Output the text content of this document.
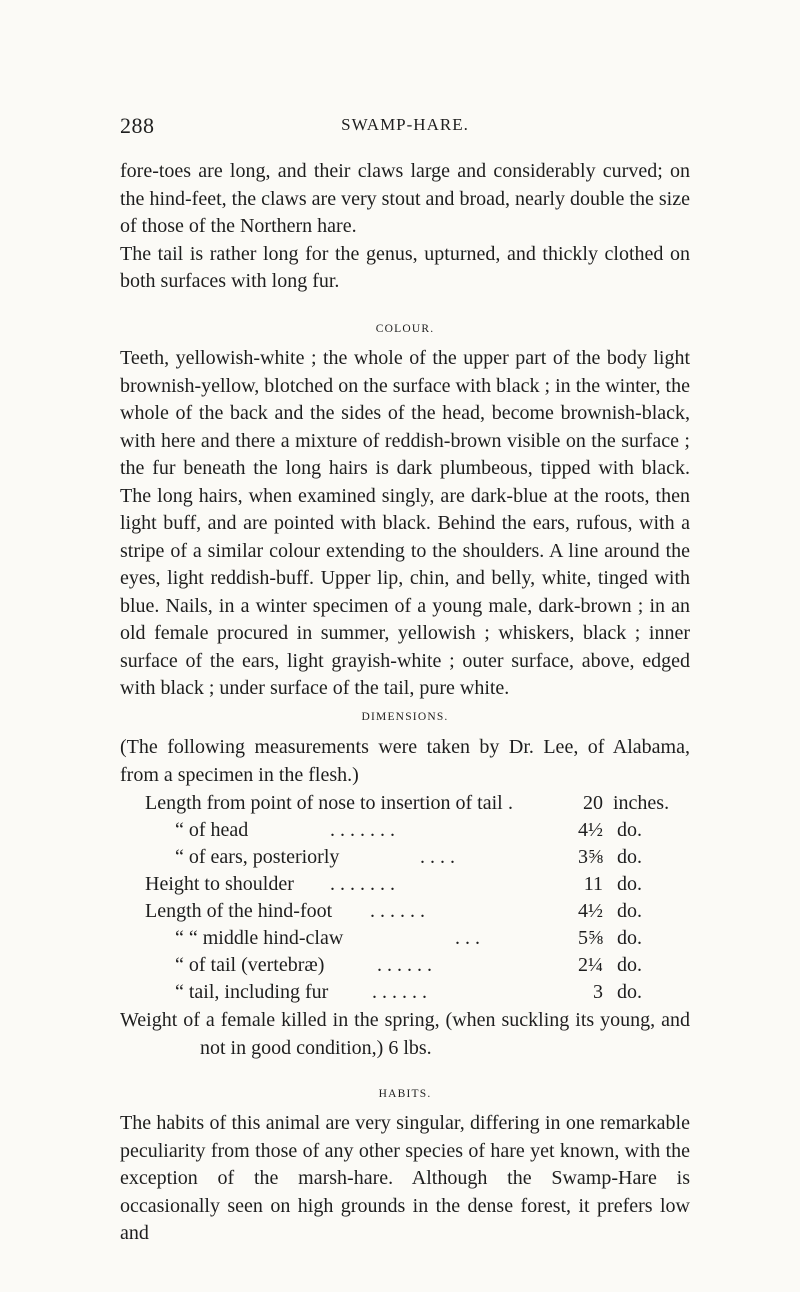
288	SWAMP-HARE.

fore-toes are long, and their claws large and considerably curved; on the hind-feet, the claws are very stout and broad, nearly double the size of those of the Northern hare.

The tail is rather long for the genus, upturned, and thickly clothed on both surfaces with long fur.

COLOUR.

Teeth, yellowish-white ; the whole of the upper part of the body light brownish-yellow, blotched on the surface with black ; in the winter, the whole of the back and the sides of the head, become brownish-black, with here and there a mixture of reddish-brown visible on the surface ; the fur beneath the long hairs is dark plumbeous, tipped with black. The long hairs, when examined singly, are dark-blue at the roots, then light buff, and are pointed with black. Behind the ears, rufous, with a stripe of a similar colour extending to the shoulders. A line around the eyes, light reddish-buff. Upper lip, chin, and belly, white, tinged with blue. Nails, in a winter specimen of a young male, dark-brown ; in an old female procured in summer, yellowish ; whiskers, black ; inner surface of the ears, light grayish-white ; outer surface, above, edged with black ; under surface of the tail, pure white.

DIMENSIONS.

(The following measurements were taken by Dr. Lee, of Alabama, from a specimen in the flesh.)

Length from point of nose to insertion of tail .	20 inches.
“ of head	. . . . . . .	4½ do.
“ of ears, posteriorly	. . . .	3⅝ do.
Height to shoulder . . . . . . .	11 do.
Length of the hind-foot . . . . . .	4½ do.
“ “ middle hind-claw	. . .	5⅝ do.
“ of tail (vertebræ)	. . . . . .	2¼ do.
“ tail, including fur . . . . . .	3 do.

Weight of a female killed in the spring, (when suckling its young, and

not in good condition,) 6 lbs.

HABITS.

The habits of this animal are very singular, differing in one remarkable peculiarity from those of any other species of hare yet known, with the exception of the marsh-hare. Although the Swamp-Hare is occasionally seen on high grounds in the dense forest, it prefers low and
